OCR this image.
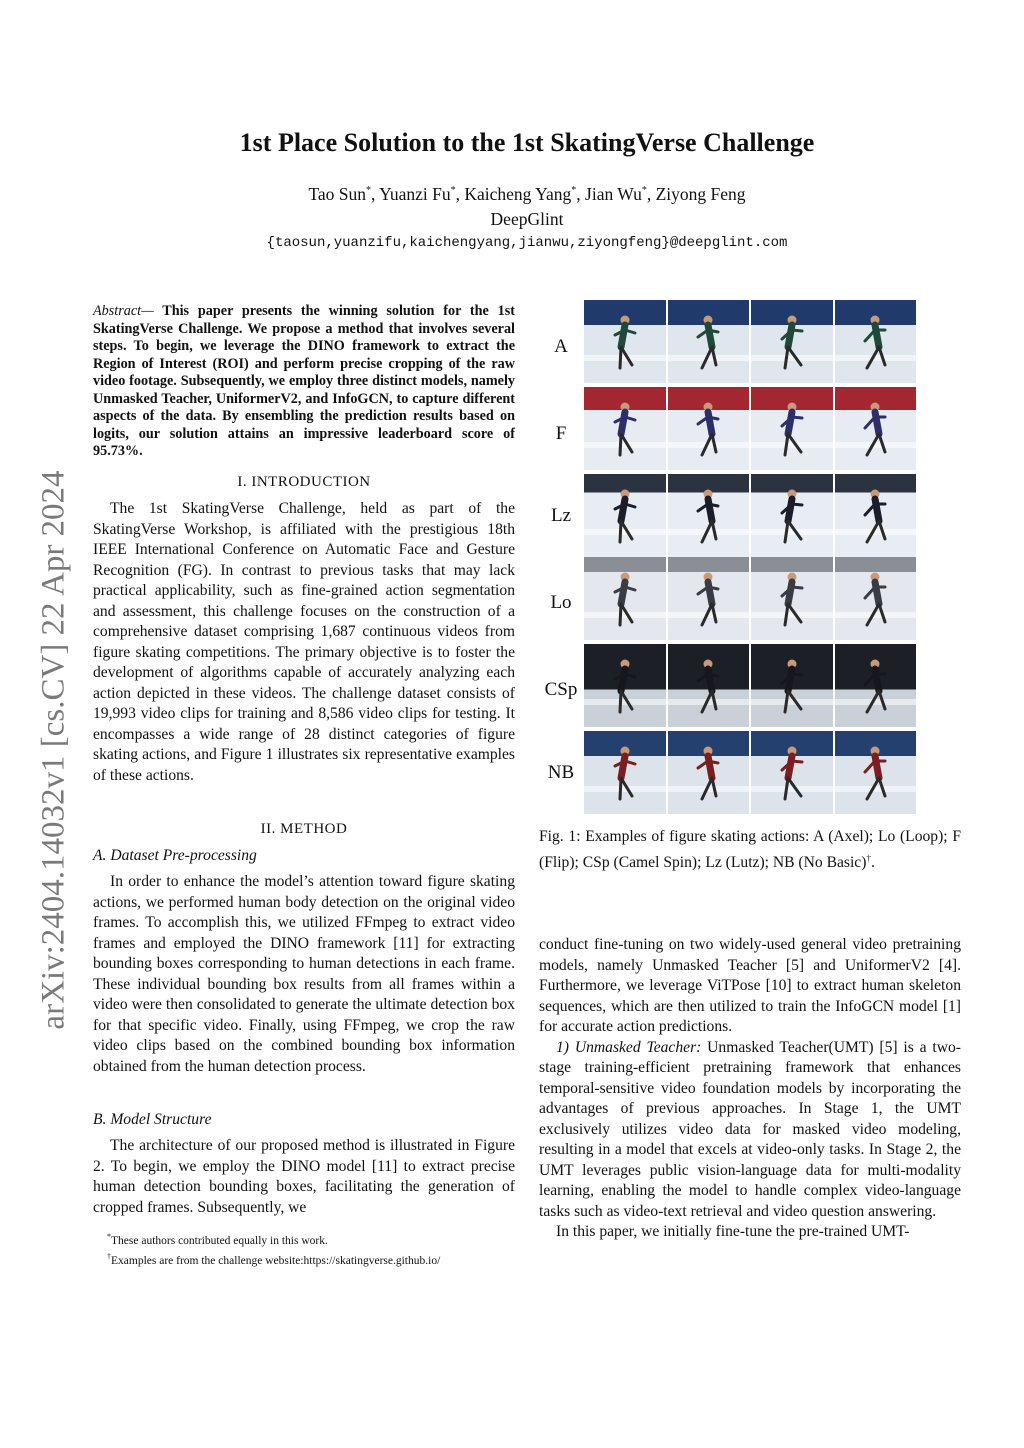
arXiv:2404.14032v1 [cs.CV] 22 Apr 2024
1st Place Solution to the 1st SkatingVerse Challenge
Tao Sun*, Yuanzi Fu*, Kaicheng Yang*, Jian Wu*, Ziyong Feng
DeepGlint
{taosun,yuanzifu,kaichengyang,jianwu,ziyongfeng}@deepglint.com
Abstract— This paper presents the winning solution for the 1st SkatingVerse Challenge. We propose a method that involves several steps. To begin, we leverage the DINO framework to extract the Region of Interest (ROI) and perform precise cropping of the raw video footage. Subsequently, we employ three distinct models, namely Unmasked Teacher, UniformerV2, and InfoGCN, to capture different aspects of the data. By ensembling the prediction results based on logits, our solution attains an impressive leaderboard score of 95.73%.
I. INTRODUCTION

The 1st SkatingVerse Challenge, held as part of the SkatingVerse Workshop, is affiliated with the prestigious 18th IEEE International Conference on Automatic Face and Gesture Recognition (FG). In contrast to previous tasks that may lack practical applicability, such as fine-grained action segmentation and assessment, this challenge focuses on the construction of a comprehensive dataset comprising 1,687 continuous videos from figure skating competitions. The primary objective is to foster the development of algorithms capable of accurately analyzing each action depicted in these videos. The challenge dataset consists of 19,993 video clips for training and 8,586 video clips for testing. It encompasses a wide range of 28 distinct categories of figure skating actions, and Figure 1 illustrates six representative examples of these actions.

II. METHOD
A. Dataset Pre-processing

In order to enhance the model’s attention toward figure skating actions, we performed human body detection on the original video frames. To accomplish this, we utilized FFmpeg to extract video frames and employed the DINO framework [11] for extracting bounding boxes corresponding to human detections in each frame. These individual bounding box results from all frames within a video were then consolidated to generate the ultimate detection box for that specific video. Finally, using FFmpeg, we crop the raw video clips based on the combined bounding box information obtained from the human detection process.

B. Model Structure

The architecture of our proposed method is illustrated in Figure 2. To begin, we employ the DINO model [11] to extract precise human detection bounding boxes, facilitating the generation of cropped frames. Subsequently, we

*These authors contributed equally in this work.

†Examples are from the challenge website:https://skatingverse.github.io/

A
F
Lz
Lo
CSp
NB
Fig. 1: Examples of figure skating actions: A (Axel); Lo (Loop); F (Flip); CSp (Camel Spin); Lz (Lutz); NB (No Basic)†.

conduct fine-tuning on two widely-used general video pretraining models, namely Unmasked Teacher [5] and UniformerV2 [4]. Furthermore, we leverage ViTPose [10] to extract human skeleton sequences, which are then utilized to train the InfoGCN model [1] for accurate action predictions.

1) Unmasked Teacher: Unmasked Teacher(UMT) [5] is a two-stage training-efficient pretraining framework that enhances temporal-sensitive video foundation models by incorporating the advantages of previous approaches. In Stage 1, the UMT exclusively utilizes video data for masked video modeling, resulting in a model that excels at video-only tasks. In Stage 2, the UMT leverages public vision-language data for multi-modality learning, enabling the model to handle complex video-language tasks such as video-text retrieval and video question answering.

In this paper, we initially fine-tune the pre-trained UMT-
